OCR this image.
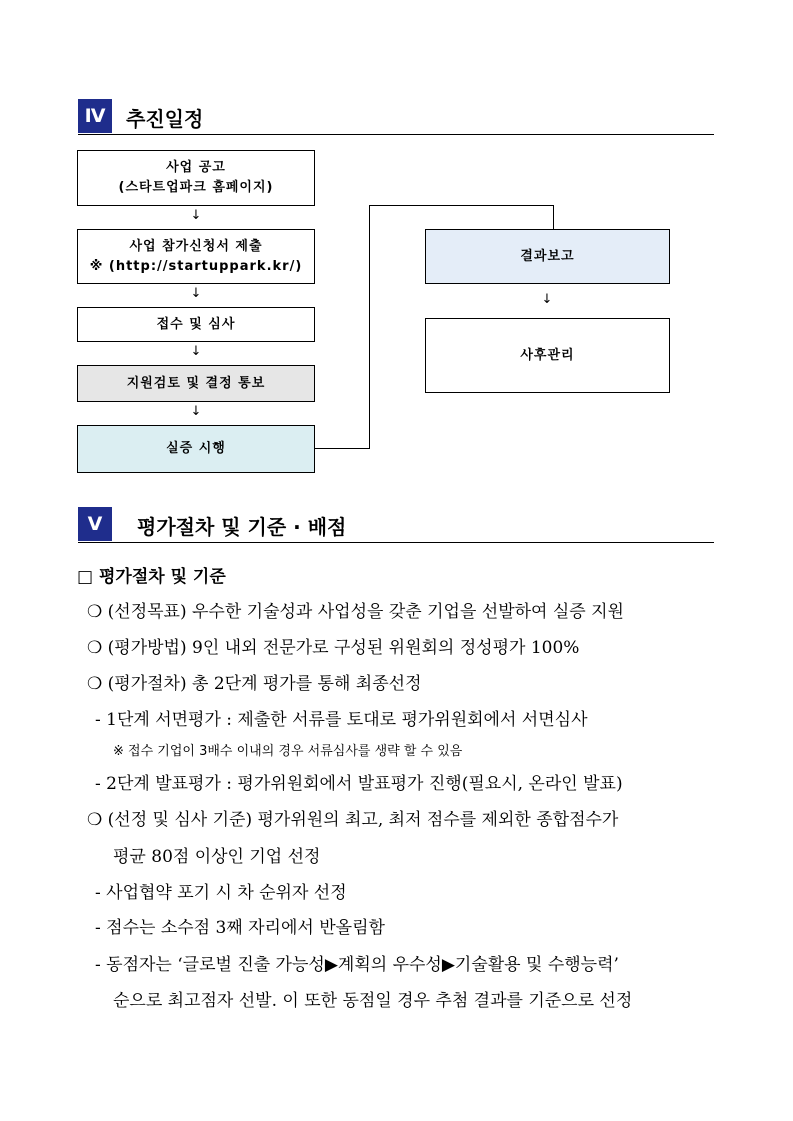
Ⅳ	추진일정
사업 공고
(스타트업파크 홈페이지)
↓
사업 참가신청서 제출
※ (http://startuppark.kr/)
↓
접수 및 심사
↓
지원검토 및 결정 통보
↓
실증 시행
결과보고
↓
사후관리
Ⅴ	평가절차 및 기준 · 배점
□ 평가절차 및 기준
❍ (선정목표) 우수한 기술성과 사업성을 갖춘 기업을 선발하여 실증 지원
❍ (평가방법) 9인 내외 전문가로 구성된 위원회의 정성평가 100%
❍ (평가절차) 총 2단계 평가를 통해 최종선정
- 1단계 서면평가 : 제출한 서류를 토대로 평가위원회에서 서면심사
※ 접수 기업이 3배수 이내의 경우 서류심사를 생략 할 수 있음
- 2단계 발표평가 : 평가위원회에서 발표평가 진행(필요시, 온라인 발표)
❍ (선정 및 심사 기준) 평가위원의 최고, 최저 점수를 제외한 종합점수가
평균 80점 이상인 기업 선정
- 사업협약 포기 시 차 순위자 선정
- 점수는 소수점 3째 자리에서 반올림함
- 동점자는 ‘글로벌 진출 가능성▶계획의 우수성▶기술활용 및 수행능력’
순으로 최고점자 선발. 이 또한 동점일 경우 추첨 결과를 기준으로 선정
